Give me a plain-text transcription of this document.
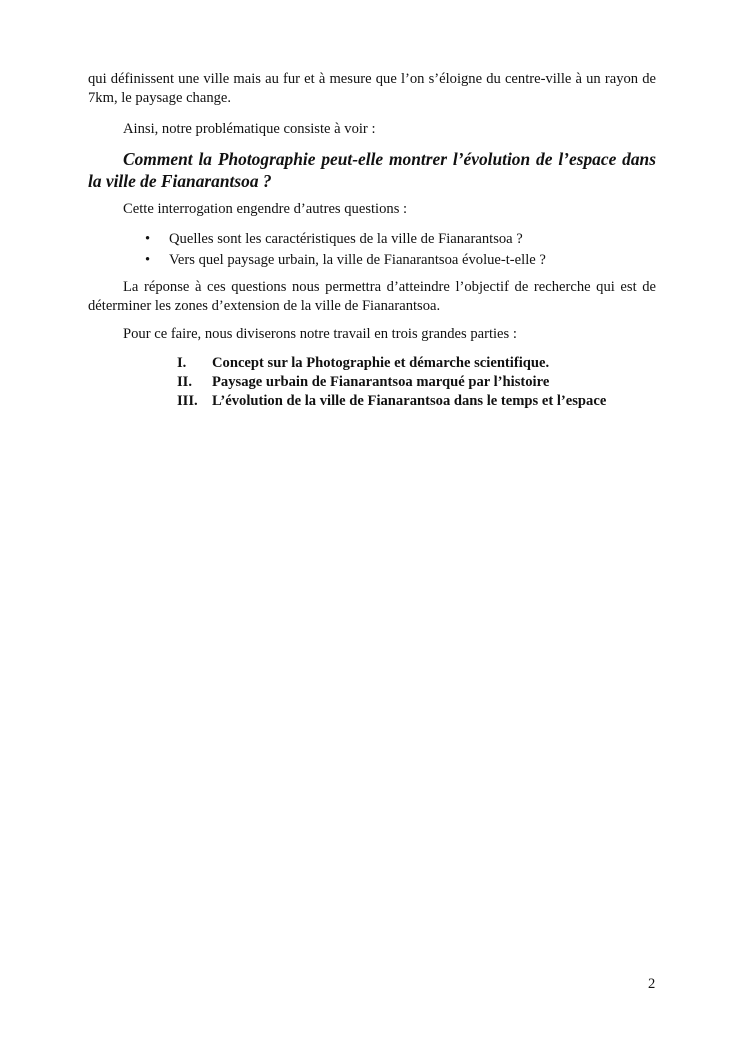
qui définissent une ville mais au fur et à mesure que l’on s’éloigne du centre-ville à un rayon de 7km, le paysage change.

Ainsi, notre problématique consiste à voir :

Comment la Photographie peut-elle montrer l’évolution de l’espace dans la ville de Fianarantsoa ?

Cette interrogation engendre d’autres questions :

• Quelles sont les caractéristiques de la ville de Fianarantsoa ?
• Vers quel paysage urbain, la ville de Fianarantsoa évolue-t-elle ?

La réponse à ces questions nous permettra d’atteindre l’objectif de recherche qui est de déterminer les zones d’extension de la ville de Fianarantsoa.

Pour ce faire, nous diviserons notre travail en trois grandes parties :

I. Concept sur la Photographie et démarche scientifique.
II. Paysage urbain de Fianarantsoa marqué par l’histoire
III. L’évolution de la ville de Fianarantsoa dans le temps et l’espace
2
